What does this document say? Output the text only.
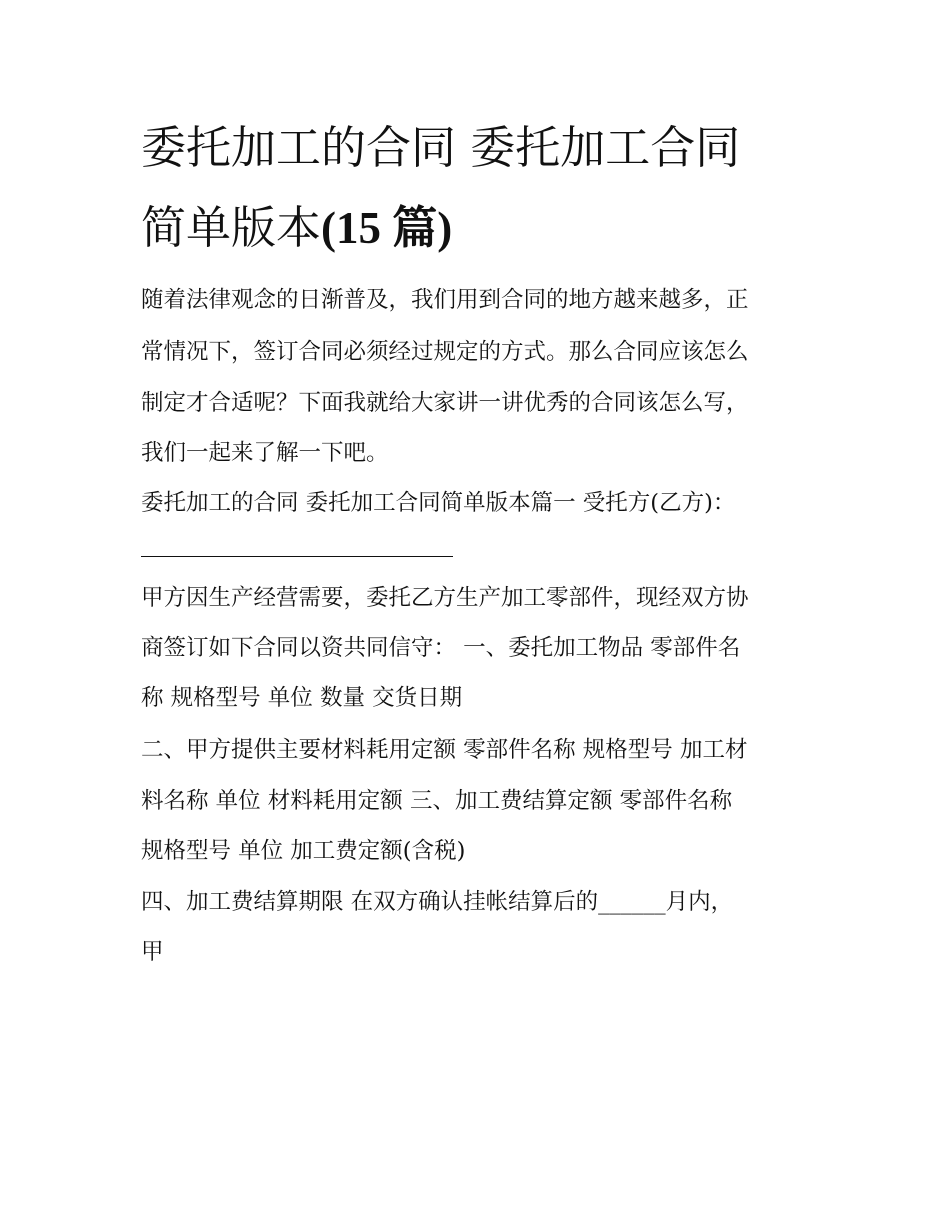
委托加工的合同 委托加工合同
简单版本(15 篇)
随着法律观念的日渐普及，我们用到合同的地方越来越多，正
常情况下，签订合同必须经过规定的方式。那么合同应该怎么
制定才合适呢？下面我就给大家讲一讲优秀的合同该怎么写，
我们一起来了解一下吧。
委托加工的合同 委托加工合同简单版本篇一 受托方(乙方)：
甲方因生产经营需要，委托乙方生产加工零部件，现经双方协
商签订如下合同以资共同信守： 一、委托加工物品 零部件名
称 规格型号 单位 数量 交货日期
二、甲方提供主要材料耗用定额 零部件名称 规格型号 加工材
料名称 单位 材料耗用定额 三、加工费结算定额 零部件名称
规格型号 单位 加工费定额(含税)
四、加工费结算期限 在双方确认挂帐结算后的______月内，
甲
